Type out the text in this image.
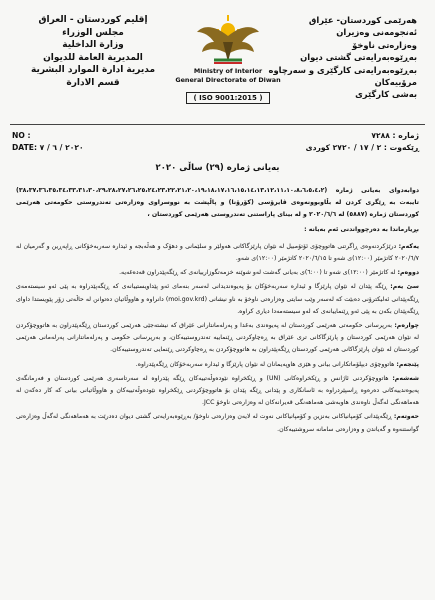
هەرێمی کوردستان- عێراق
ئەنجومەنی وەزیران
وەزارەتی ناوخۆ
بەڕێوەبەرایەتی گشتی دیوان
بەڕێوەبەرایەتی کارگێری و سەرچاوە مرۆییەکان
بەشی کارگێری
Ministry of Interior
General Directorate of Diwan
( ISO 9001:2015 )
إقليم كوردستان - العراق
مجلس الوزراء
وزارة الداخلية
المديرية العامة للديوان
مديرية ادارة الموارد البشرية
قسم الادارة
NO :	ژمارە : ٧٢٨٨
DATE: ٢٠٢٠ / ٦ / ٧	ڕێکەوت : ٢ / ١٧ / ٢٧٢٠ کوردی
بەیانی ژمارە (٢٩) ساڵی ٢٠٢٠

دوابەدوای بەیانی ژمارە (٣٨،٣٧،٣٦،٣٥،٣٤،٣٣،٣١،٣٠،٢٩،٢٨،٢٧،٢٦،٢٥،٢٤،٢٣،٢٢،٢١،٢٠،١٩،١٨،١٧،١٦،١٥،١٤،١٣،١٢،١١،١٠،٨،٦،٥،٤،٢) تایبەت بە ڕێگری کردن لە بڵاوبوونەوەی ڤایرۆسی (کۆرۆنا) و پاڵپشت بە نووسراوی وەزارەتی تەندروستی حکومەتی هەرێمی کوردستان ژمارە (٥٨٨٧) لە ٢٠٢٠/٦/٦ و لە بینای پاراستنی تەندروستی هەرێمی کوردستان ،

بڕیارماندا بە دەرچوواندنی ئەم بەیانە :

یەکەم: درێژکردنەوەی ڕاگرتنی هاتووچۆی ئۆتۆمبیل لە نێوان پارێزگاکانی هەولێر و سلێمانی و دهۆک و هەڵەبجە و ئیدارە سەربەخۆکانی ڕاپەڕین و گەرمیان لە ٢٠٢٠/٦/٧ کاتژمێر (١٢:٠٠)ی شەو تا ٢٠٢٠/٦/١٥ کاتژمێر (١٢:٠٠)ی شەو.

دووەم: لە کاتژمێر (١٢:٠٠)ی شەو تا (٦:٠٠)ی بەیانی گەشت لەو شوێنە خزمەتگوزارییانەی کە ڕێگەپێدراون قەدەغەیە.

سێ یەم: ڕێگە پێدان لە نێوان پارێزگا و ئیدارە سەربەخۆکان بۆ پەیوەندیدانی لەسەر بنەمای ئەو پێداویستییانەی کە ڕێگەپێدراوە بە پێی ئەو سیستەمەی ڕێگەپێدانی ئەلیکترۆنی دەبێت کە لەسەر وێب سایتی وەزارەتی ناوخۆ بە ناو نیشانی (moi.gov.krd) دانراوە و هاووڵاتیان دەتوانن لە حاڵەتی زۆر پێویستدا داوای ڕێگەپێدان بکەن بە پێی ئەو ڕێنماییانەی کە لەو سیستەمەدا دیاری کراوە.

چوارەم: بەرپرسانی حکومەتی هەرێمی کوردستان لە پەیوەندی بەغدا و پەرلەمانتارانی عێراق کە نیشتەجێی هەرێمی کوردستان ڕێگەپێدراون بە هاتووچۆکردن لە نێوان هەرێمی کوردستان و پارێزگاکانی تری عێراق بە ڕەچاوکردنی ڕێنماییە تەندروستییەکان، و بەرپرسانی حکومی و پەرلەمانتارانی پەرلەمانی هەرێمی کوردستان لە نێوان پارێزگاکانی هەرێمی کوردستان ڕێگەپێدراون بە هاتووچۆکردن بە ڕەچاوکردنی ڕێنمایی تەندروستییەکان.

پێنجەم: هاتووچۆی دیپلۆماتکارانی بیانی و هێزی هاوپەیمانان لە نێوان پارێزگا و ئیدارە سەربەخۆکان ڕێگەپێدراوە.

شەشەم: هاتووچۆکردنی ئاژانس و ڕێکخراوەکانی (UN) و ڕێکخراوە نێودەوڵەتییەکان ڕێگە پێدراوە لە سەرتاسەری هەرێمی کوردستان و فەرمانگەی پەیوەندییەکانی دەرەوە ڕاسپێردراوە بە ئاسانکاری و پێدانی ڕێگە پێدان بۆ هاتووچۆکردنی ڕێکخراوە نێودەوڵەتییەکان و هاووڵاتیانی بیانی کە کار دەکەن لە هەماهەنگی لەگەڵ ناوەندی هاوبەشی هەماهەنگی قەیرانەکان لە وەزارەتی ناوخۆ JCC.

حەوتەم: ڕێگەپێدانی کۆمپانیاکانی بەنزین و کۆمپانیاکانی نەوت لە لایەن وەزارەتی ناوخۆ/ بەڕێوەبەرایەتی گشتی دیوان دەدرێت بە هەماهەنگی لەگەڵ وەزارەتی گواستنەوە و گەیاندن و وەزارەتی سامانە سروشتییەکان.
